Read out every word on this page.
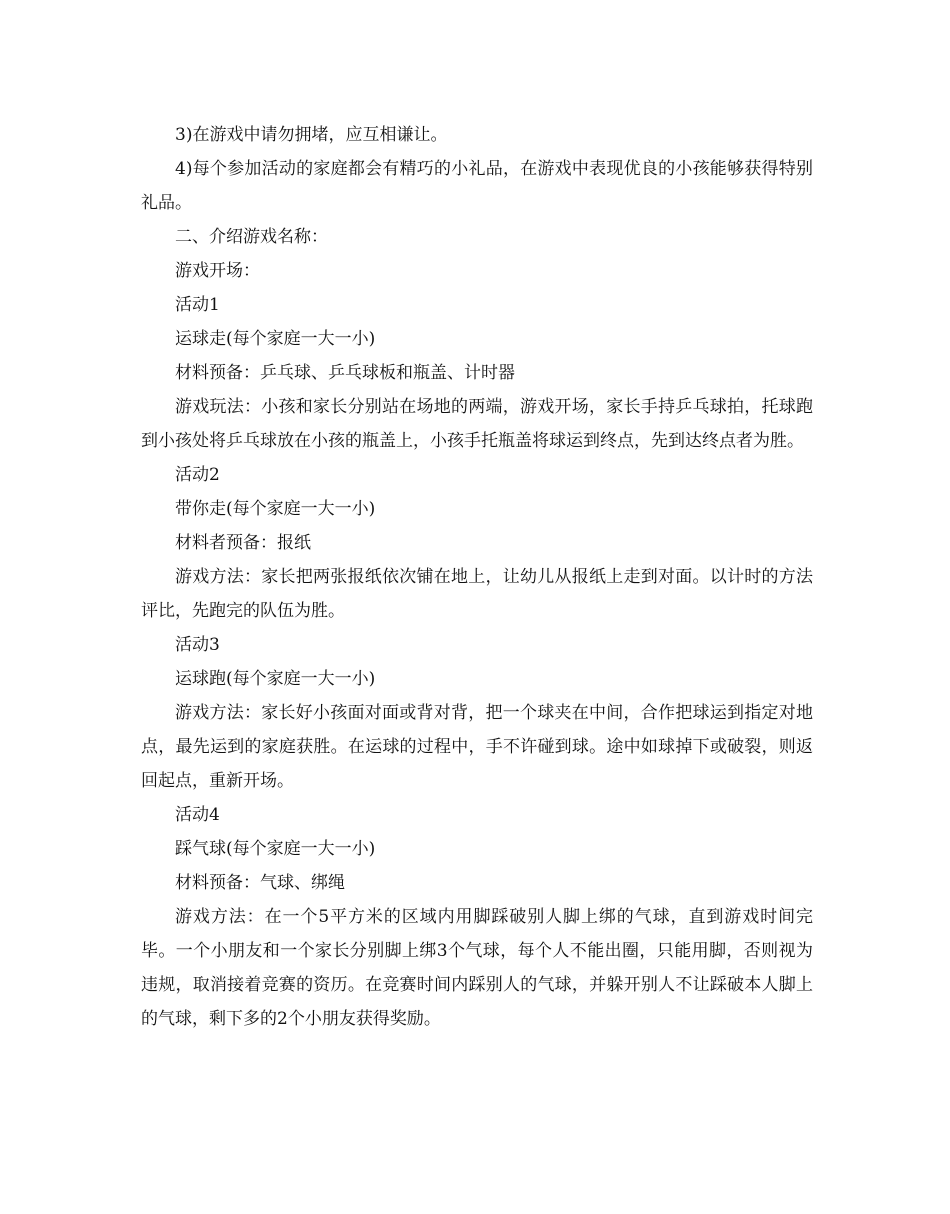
3)在游戏中请勿拥堵，应互相谦让。

4)每个参加活动的家庭都会有精巧的小礼品，在游戏中表现优良的小孩能够获得特别礼品。

二、介绍游戏名称：

游戏开场：

活动1

运球走(每个家庭一大一小)

材料预备：乒乓球、乒乓球板和瓶盖、计时器

游戏玩法：小孩和家长分别站在场地的两端，游戏开场，家长手持乒乓球拍，托球跑到小孩处将乒乓球放在小孩的瓶盖上，小孩手托瓶盖将球运到终点，先到达终点者为胜。

活动2

带你走(每个家庭一大一小)

材料者预备：报纸

游戏方法：家长把两张报纸依次铺在地上，让幼儿从报纸上走到对面。以计时的方法评比，先跑完的队伍为胜。

活动3

运球跑(每个家庭一大一小)

游戏方法：家长好小孩面对面或背对背，把一个球夹在中间，合作把球运到指定对地点，最先运到的家庭获胜。在运球的过程中，手不许碰到球。途中如球掉下或破裂，则返回起点，重新开场。

活动4

踩气球(每个家庭一大一小)

材料预备：气球、绑绳

游戏方法：在一个5平方米的区域内用脚踩破别人脚上绑的气球，直到游戏时间完毕。一个小朋友和一个家长分别脚上绑3个气球，每个人不能出圈，只能用脚，否则视为违规，取消接着竞赛的资历。在竞赛时间内踩别人的气球，并躲开别人不让踩破本人脚上的气球，剩下多的2个小朋友获得奖励。
